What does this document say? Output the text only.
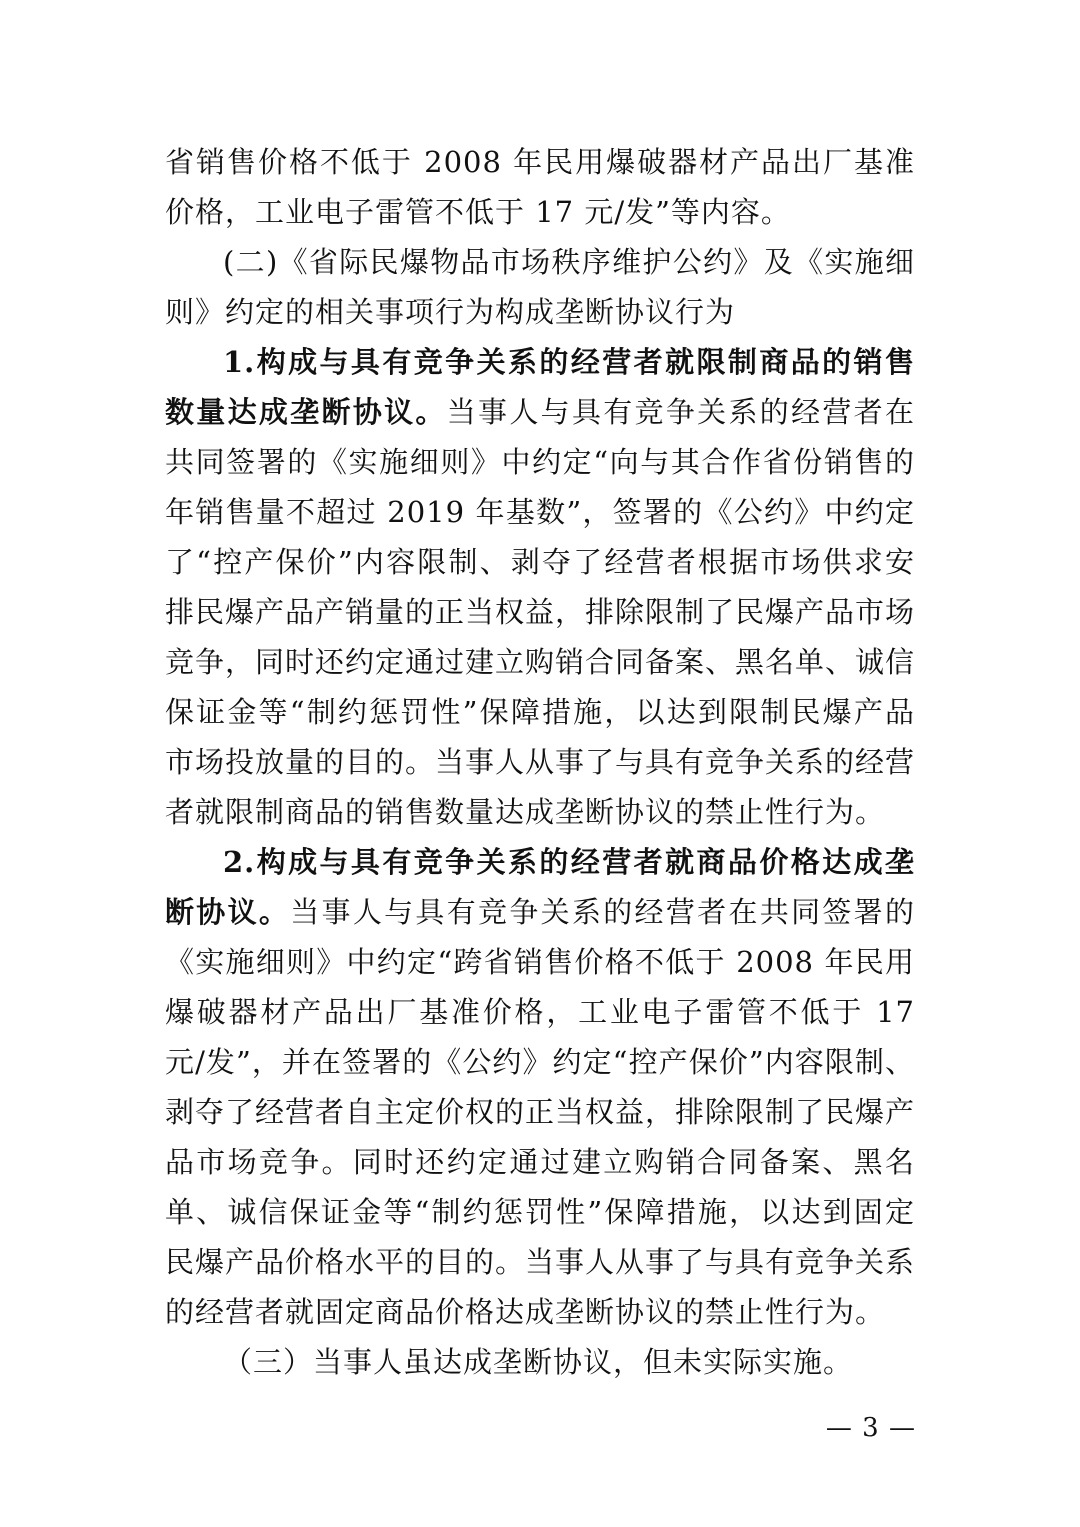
省销售价格不低于 2008 年民用爆破器材产品出厂基准价格，工业电子雷管不低于 17 元/发”等内容。

(二)《省际民爆物品市场秩序维护公约》及《实施细则》约定的相关事项行为构成垄断协议行为

1.构成与具有竞争关系的经营者就限制商品的销售数量达成垄断协议。当事人与具有竞争关系的经营者在共同签署的《实施细则》中约定“向与其合作省份销售的年销售量不超过 2019 年基数”，签署的《公约》中约定了“控产保价”内容限制、剥夺了经营者根据市场供求安排民爆产品产销量的正当权益，排除限制了民爆产品市场竞争，同时还约定通过建立购销合同备案、黑名单、诚信保证金等“制约惩罚性”保障措施，以达到限制民爆产品市场投放量的目的。当事人从事了与具有竞争关系的经营者就限制商品的销售数量达成垄断协议的禁止性行为。

2.构成与具有竞争关系的经营者就商品价格达成垄断协议。当事人与具有竞争关系的经营者在共同签署的《实施细则》中约定“跨省销售价格不低于 2008 年民用爆破器材产品出厂基准价格，工业电子雷管不低于 17 元/发”，并在签署的《公约》约定“控产保价”内容限制、剥夺了经营者自主定价权的正当权益，排除限制了民爆产品市场竞争。同时还约定通过建立购销合同备案、黑名单、诚信保证金等“制约惩罚性”保障措施，以达到固定民爆产品价格水平的目的。当事人从事了与具有竞争关系的经营者就固定商品价格达成垄断协议的禁止性行为。

（三）当事人虽达成垄断协议，但未实际实施。

— 3 —
